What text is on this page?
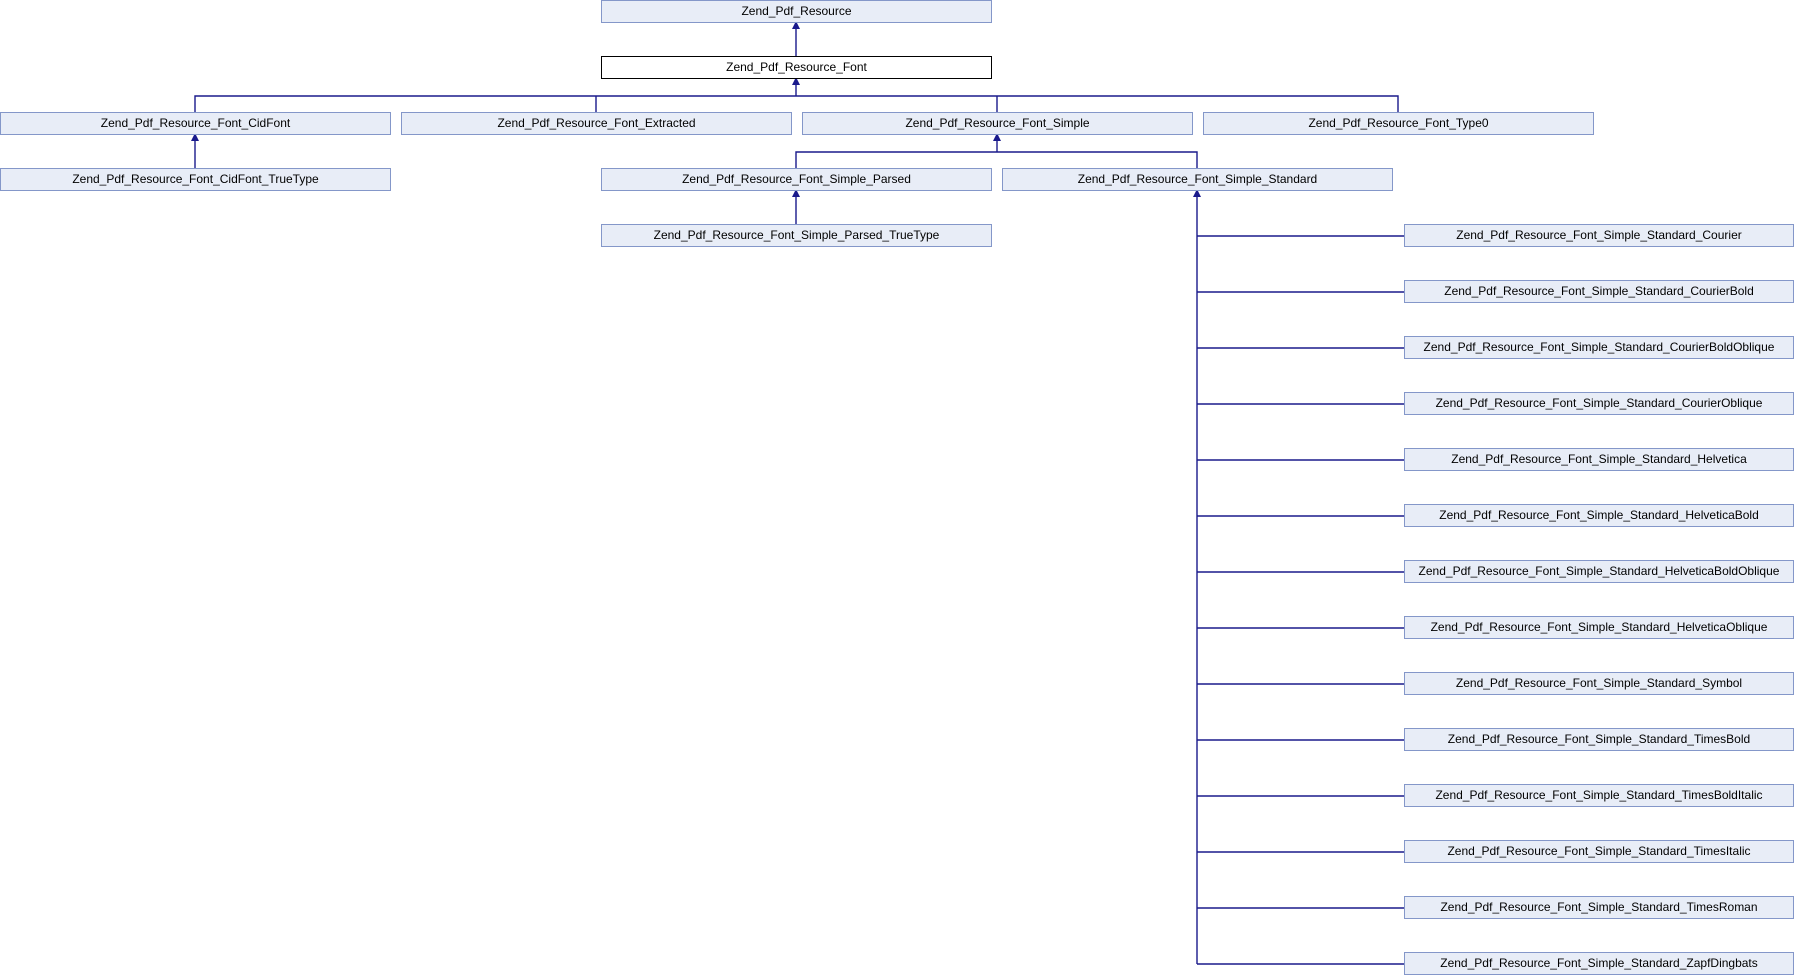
Zend_Pdf_Resource
Zend_Pdf_Resource_Font
Zend_Pdf_Resource_Font_CidFont	Zend_Pdf_Resource_Font_Extracted	Zend_Pdf_Resource_Font_Simple	Zend_Pdf_Resource_Font_Type0
Zend_Pdf_Resource_Font_CidFont_TrueType	Zend_Pdf_Resource_Font_Simple_Parsed	Zend_Pdf_Resource_Font_Simple_Standard
Zend_Pdf_Resource_Font_Simple_Parsed_TrueType	Zend_Pdf_Resource_Font_Simple_Standard_Courier
Zend_Pdf_Resource_Font_Simple_Standard_CourierBold
Zend_Pdf_Resource_Font_Simple_Standard_CourierBoldOblique
Zend_Pdf_Resource_Font_Simple_Standard_CourierOblique
Zend_Pdf_Resource_Font_Simple_Standard_Helvetica
Zend_Pdf_Resource_Font_Simple_Standard_HelveticaBold
Zend_Pdf_Resource_Font_Simple_Standard_HelveticaBoldOblique
Zend_Pdf_Resource_Font_Simple_Standard_HelveticaOblique
Zend_Pdf_Resource_Font_Simple_Standard_Symbol
Zend_Pdf_Resource_Font_Simple_Standard_TimesBold
Zend_Pdf_Resource_Font_Simple_Standard_TimesBoldItalic
Zend_Pdf_Resource_Font_Simple_Standard_TimesItalic
Zend_Pdf_Resource_Font_Simple_Standard_TimesRoman
Zend_Pdf_Resource_Font_Simple_Standard_ZapfDingbats
